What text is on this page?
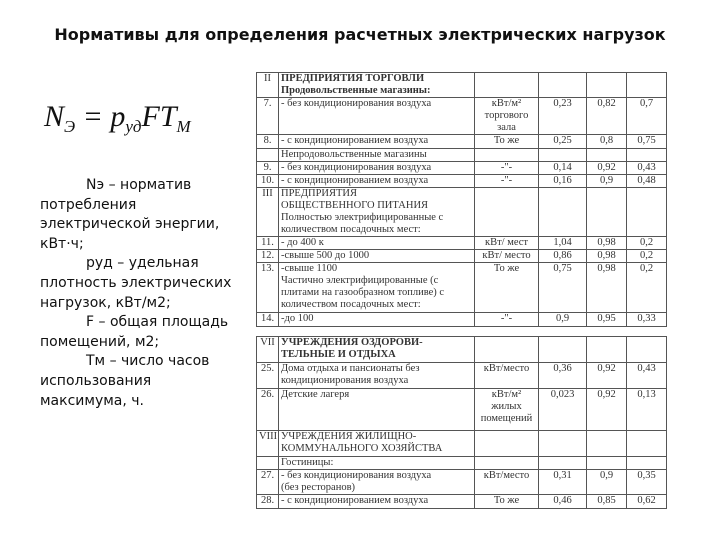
Нормативы для определения расчетных электрических нагрузок
$N_Э = p_{уд}FT_M$

Nэ – норматив потребления электрической энергии, кВт·ч;

руд – удельная плотность электрических нагрузок, кВт/м2;

F – общая площадь помещений, м2;

Тм – число часов использования максимума, ч.

II	ПРЕДПРИЯТИЯ ТОРГОВЛИ
Продовольственные магазины:				
7.	- без кондиционирования воздуха	кВт/м²
торгового
зала	0,23	0,82	0,7
8.	- с кондиционированием воздуха	То же	0,25	0,8	0,75
	Непродовольственные магазины				
9.	- без кондиционирования воздуха	-"-	0,14	0,92	0,43
10.	- с кондиционированием воздуха	-"-	0,16	0,9	0,48
III	ПРЕДПРИЯТИЯ
ОБЩЕСТВЕННОГО ПИТАНИЯ
Полностью электрифицированные с
количеством посадочных мест:				
11.	- до 400 к	кВт/ мест	1,04	0,98	0,2
12.	-свыше 500 до 1000	кВт/ место	0,86	0,98	0,2
13.	-свыше 1100
Частично электрифицированные (с
плитами на газообразном топливе) с
количеством посадочных мест:	То же	0,75	0,98	0,2
14.	-до 100	-"-	0,9	0,95	0,33
VII	УЧРЕЖДЕНИЯ ОЗДОРОВИ-
ТЕЛЬНЫЕ И ОТДЫХА				
25.	Дома отдыха и пансионаты без
кондиционирования воздуха	кВт/место	0,36	0,92	0,43
26.	Детские лагеря	кВт/м²
жилых
помещений	0,023	0,92	0,13
VIII	УЧРЕЖДЕНИЯ ЖИЛИЩНО-
КОММУНАЛЬНОГО ХОЗЯЙСТВА				
	Гостиницы:				
27.	- без кондиционирования воздуха
(без ресторанов)	кВт/место	0,31	0,9	0,35
28.	- с кондиционированием воздуха	То же	0,46	0,85	0,62
